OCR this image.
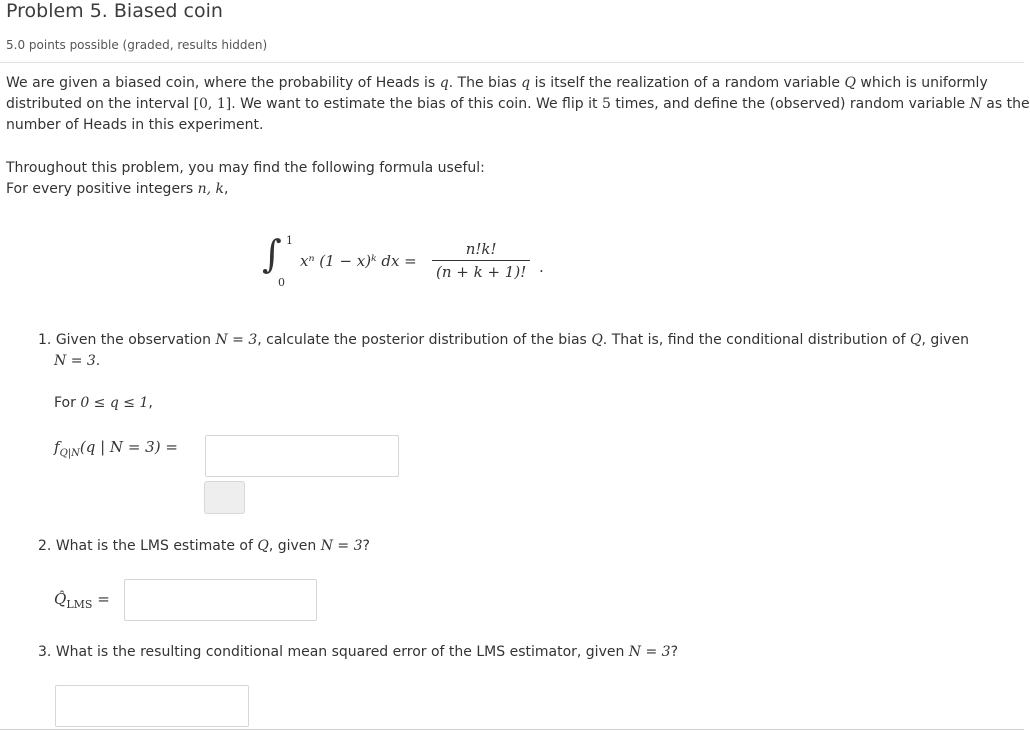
Problem 5. Biased coin
5.0 points possible (graded, results hidden)
We are given a biased coin, where the probability of Heads is q. The bias q is itself the realization of a random variable Q which is uniformly
distributed on the interval [0, 1]. We want to estimate the bias of this coin. We flip it 5 times, and define the (observed) random variable N as the
number of Heads in this experiment.
Throughout this problem, you may find the following formula useful:
For every positive integers n, k,
∫ 1
0
xⁿ (1 − x)ᵏ dx = $\frac{n!k!}{(n + k + 1)!}$ .
1. Given the observation N = 3, calculate the posterior distribution of the bias Q. That is, find the conditional distribution of Q, given
N = 3.
For 0 ≤ q ≤ 1,
$f_{Q|N}(q$ | N = 3) =
2. What is the LMS estimate of Q, given N = 3?
$Q̂_{LMS}$ =
3. What is the resulting conditional mean squared error of the LMS estimator, given N = 3?
